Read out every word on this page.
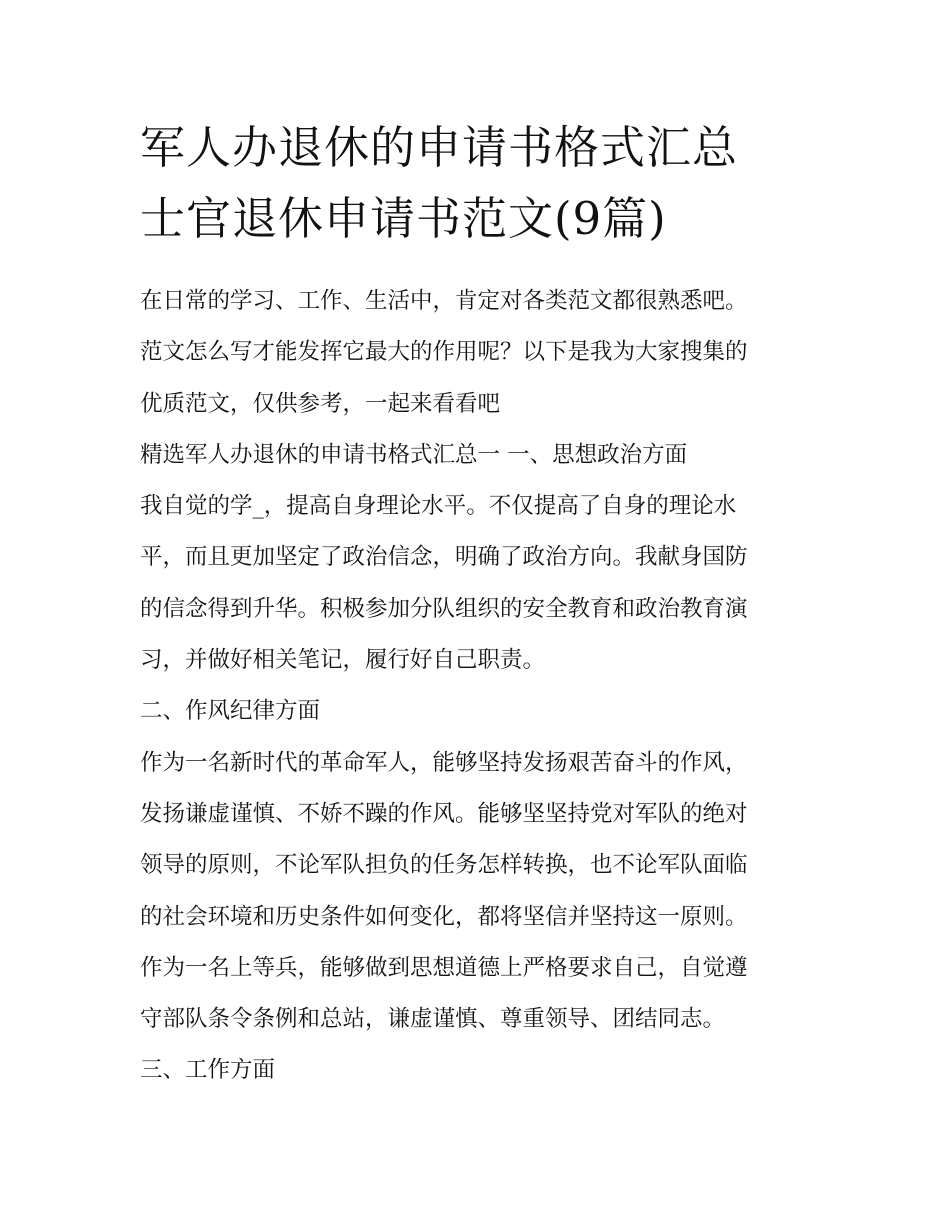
军人办退休的申请书格式汇总
士官退休申请书范文(9篇)
在日常的学习、工作、生活中，肯定对各类范文都很熟悉吧。
范文怎么写才能发挥它最大的作用呢？以下是我为大家搜集的
优质范文，仅供参考，一起来看看吧
精选军人办退休的申请书格式汇总一 一、思想政治方面
我自觉的学_，提高自身理论水平。不仅提高了自身的理论水
平，而且更加坚定了政治信念，明确了政治方向。我献身国防
的信念得到升华。积极参加分队组织的安全教育和政治教育演
习，并做好相关笔记，履行好自己职责。
二、作风纪律方面
作为一名新时代的革命军人，能够坚持发扬艰苦奋斗的作风，
发扬谦虚谨慎、不娇不躁的作风。能够坚坚持党对军队的绝对
领导的原则，不论军队担负的任务怎样转换，也不论军队面临
的社会环境和历史条件如何变化，都将坚信并坚持这一原则。
作为一名上等兵，能够做到思想道德上严格要求自己，自觉遵
守部队条令条例和总站，谦虚谨慎、尊重领导、团结同志。
三、工作方面
